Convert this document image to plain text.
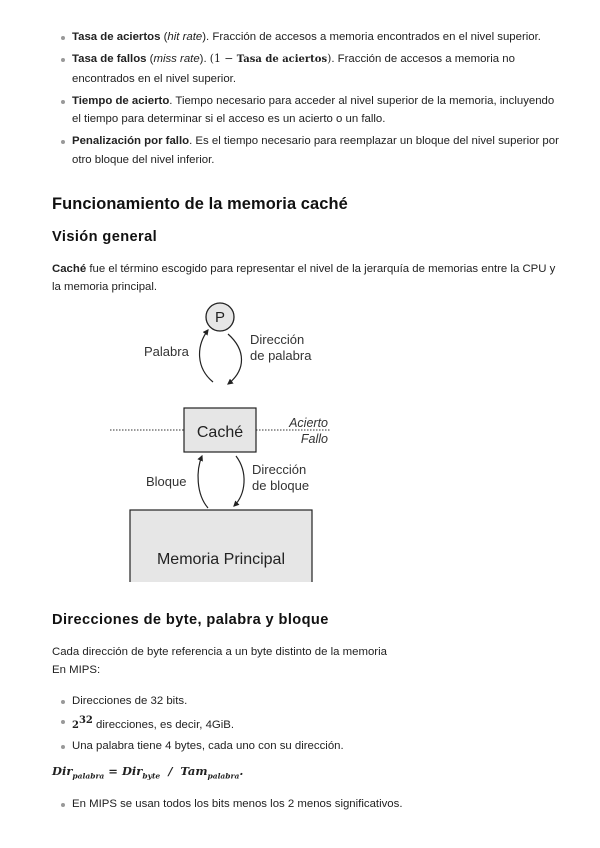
Tasa de aciertos (hit rate). Fracción de accesos a memoria encontrados en el nivel superior.
Tasa de fallos (miss rate). (1 − Tasa de aciertos). Fracción de accesos a memoria no encontrados en el nivel superior.
Tiempo de acierto. Tiempo necesario para acceder al nivel superior de la memoria, incluyendo el tiempo para determinar si el acceso es un acierto o un fallo.
Penalización por fallo. Es el tiempo necesario para reemplazar un bloque del nivel superior por otro bloque del nivel inferior.
Funcionamiento de la memoria caché
Visión general

Caché fue el término escogido para representar el nivel de la jerarquía de memorias entre la CPU y la memoria principal.

P
Palabra
Dirección
de palabra
Caché
Acierto
Fallo
Bloque
Dirección
de bloque
Memoria Principal
Direcciones de byte, palabra y bloque

Cada dirección de byte referencia a un byte distinto de la memoria
En MIPS:

Direcciones de 32 bits.
$2^{32}$ direcciones, es decir, 4GiB.
Una palabra tiene 4 bytes, cada uno con su dirección.
Dir$_{palabra}$ = Dir$_{byte}$  /  Tam$_{palabra}$.
En MIPS se usan todos los bits menos los 2 menos significativos.
